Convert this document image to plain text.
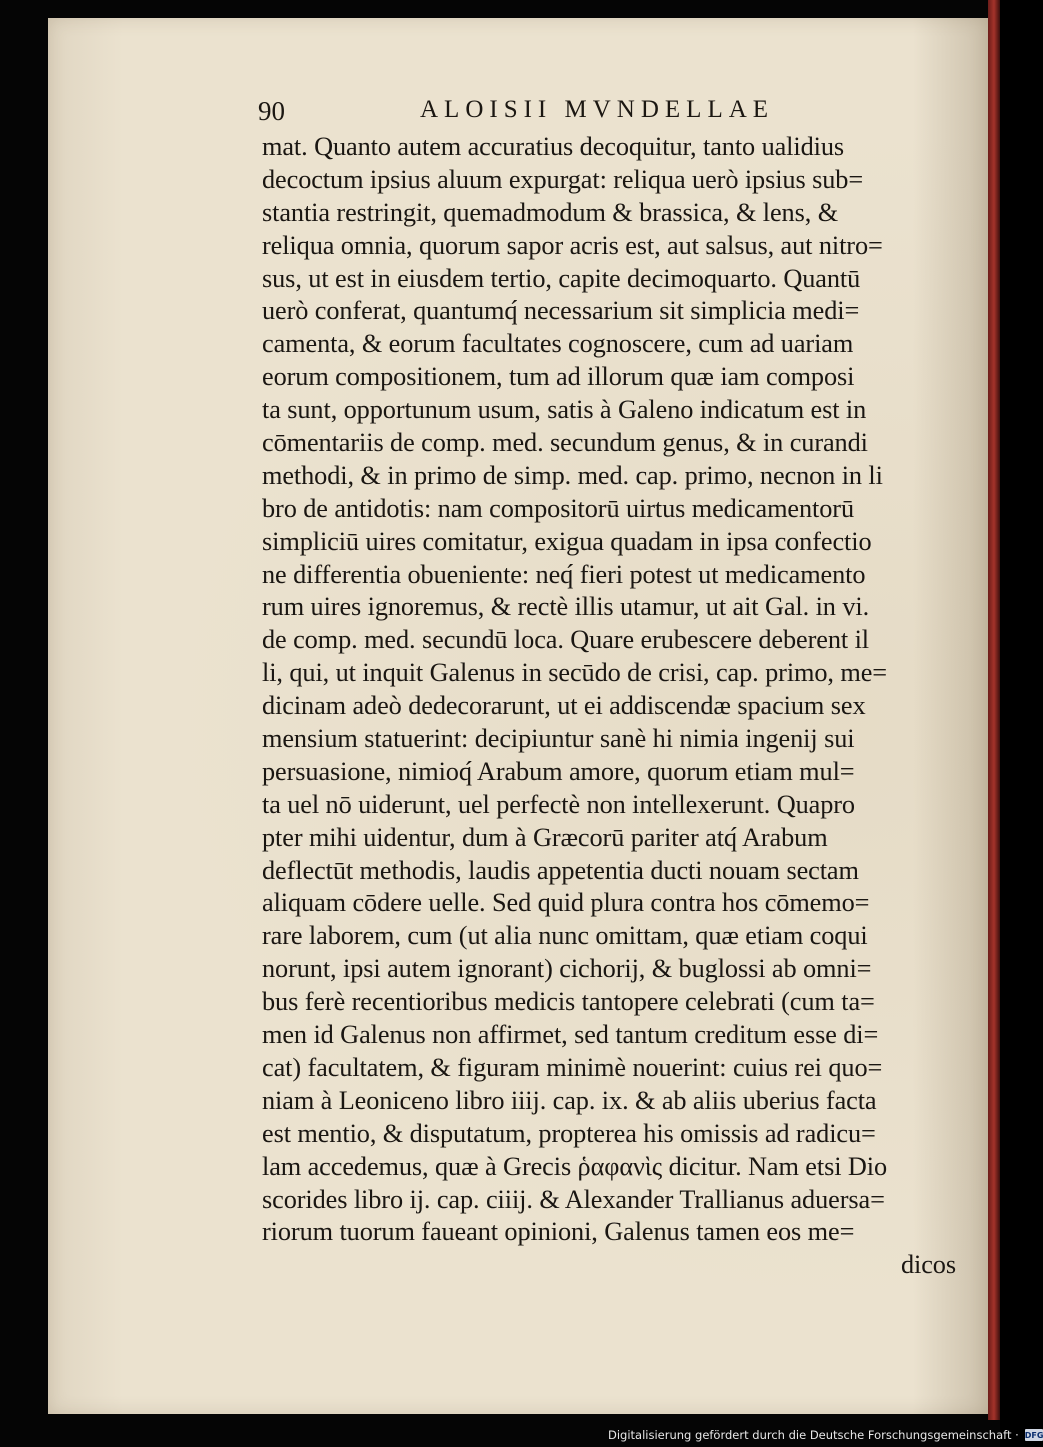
90	ALOISII MVNDELLAE
mat. Quanto autem accuratius decoquitur, tanto ualidius
decoctum ipsius aluum expurgat: reliqua uerò ipsius sub=
stantia restringit, quemadmodum & brassica, & lens, &
reliqua omnia, quorum sapor acris est, aut salsus, aut nitro=
sus, ut est in eiusdem tertio, capite decimoquarto. Quantū
uerò conferat, quantumq́ necessarium sit simplicia medi=
camenta, & eorum facultates cognoscere, cum ad uariam
eorum compositionem, tum ad illorum quæ iam composi
ta sunt, opportunum usum, satis à Galeno indicatum est in
cōmentariis de comp. med. secundum genus, & in curandi
methodi, & in primo de simp. med. cap. primo, necnon in li
bro de antidotis: nam compositorū uirtus medicamentorū
simpliciū uires comitatur, exigua quadam in ipsa confectio
ne differentia obueniente: neq́ fieri potest ut medicamento
rum uires ignoremus, & rectè illis utamur, ut ait Gal. in vi.
de comp. med. secundū loca. Quare erubescere deberent il
li, qui, ut inquit Galenus in secūdo de crisi, cap. primo, me=
dicinam adeò dedecorarunt, ut ei addiscendæ spacium sex
mensium statuerint: decipiuntur sanè hi nimia ingenij sui
persuasione, nimioq́ Arabum amore, quorum etiam mul=
ta uel nō uiderunt, uel perfectè non intellexerunt. Quapro
pter mihi uidentur, dum à Græcorū pariter atq́ Arabum
deflectūt methodis, laudis appetentia ducti nouam sectam
aliquam cōdere uelle. Sed quid plura contra hos cōmemo=
rare laborem, cum (ut alia nunc omittam, quæ etiam coqui
norunt, ipsi autem ignorant) cichorij, & buglossi ab omni=
bus ferè recentioribus medicis tantopere celebrati (cum ta=
men id Galenus non affirmet, sed tantum creditum esse di=
cat) facultatem, & figuram minimè nouerint: cuius rei quo=
niam à Leoniceno libro iiij. cap. ix. & ab aliis uberius facta
est mentio, & disputatum, propterea his omissis ad radicu=
lam accedemus, quæ à Grecis ῥαφανὶς dicitur. Nam etsi Dio
scorides libro ij. cap. ciiij. & Alexander Trallianus aduersa=
riorum tuorum faueant opinioni, Galenus tamen eos me=
dicos
Digitalisierung gefördert durch die Deutsche Forschungsgemeinschaft · DFG
